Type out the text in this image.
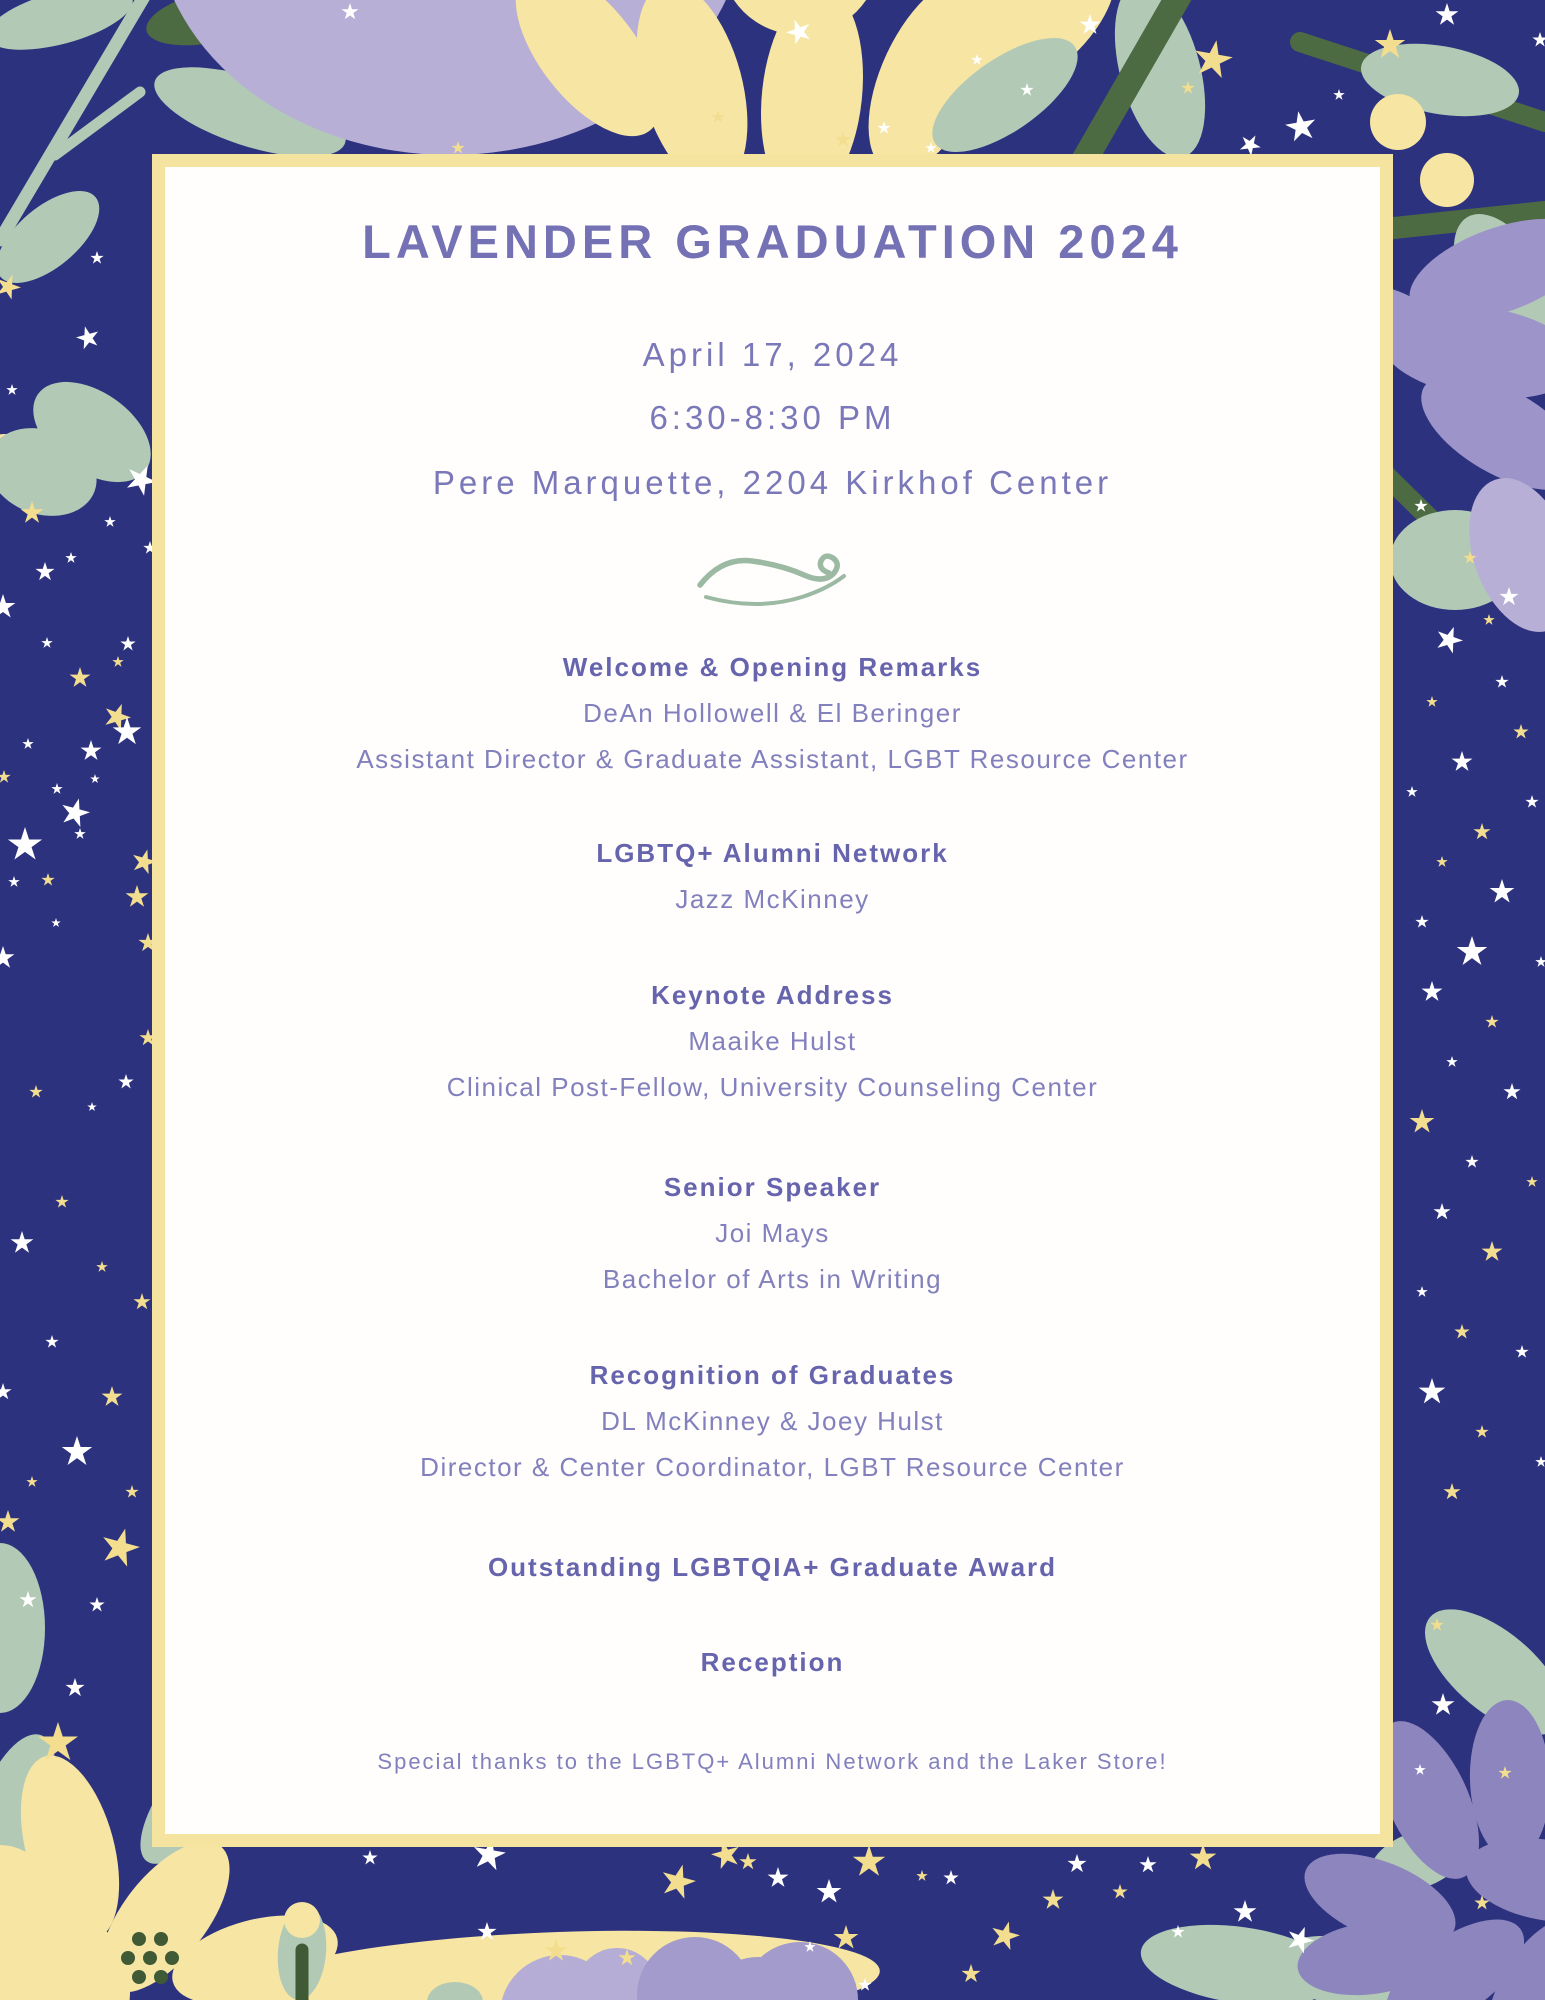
LAVENDER GRADUATION 2024
April 17, 2024
6:30-8:30 PM
Pere Marquette, 2204 Kirkhof Center
Welcome & Opening Remarks
DeAn Hollowell & El Beringer
Assistant Director & Graduate Assistant, LGBT Resource Center
LGBTQ+ Alumni Network
Jazz McKinney
Keynote Address
Maaike Hulst
Clinical Post-Fellow, University Counseling Center
Senior Speaker
Joi Mays
Bachelor of Arts in Writing
Recognition of Graduates
DL McKinney & Joey Hulst
Director & Center Coordinator, LGBT Resource Center
Outstanding LGBTQIA+ Graduate Award
Reception
Special thanks to the LGBTQ+ Alumni Network and the Laker Store!
